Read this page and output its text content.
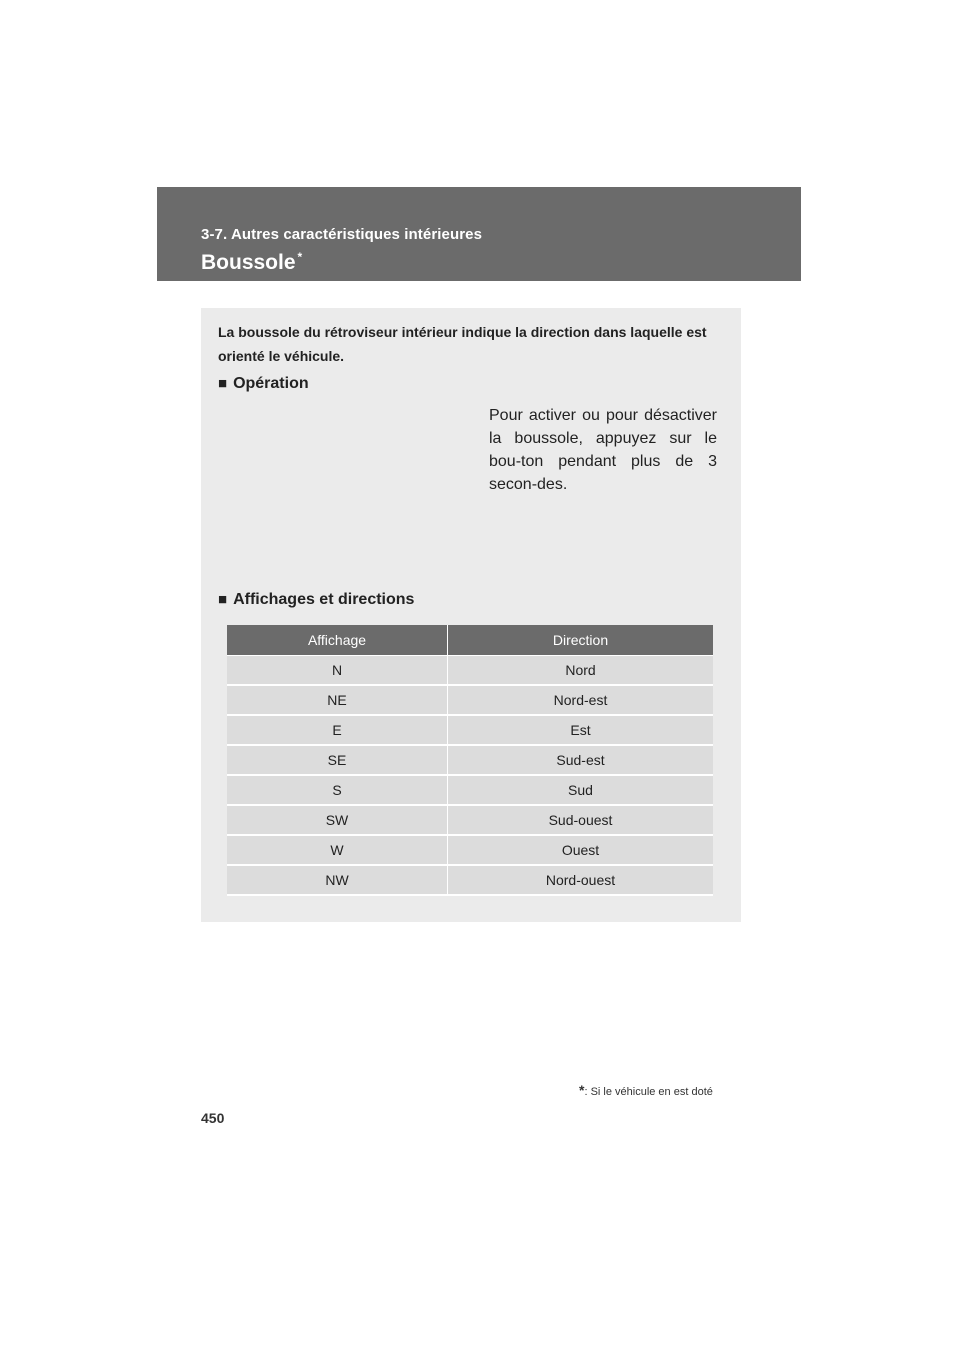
3-7. Autres caractéristiques intérieures
Boussole *
La boussole du rétroviseur intérieur indique la direction dans laquelle est orienté le véhicule.
■ Opération
Pour activer ou pour désactiver la boussole, appuyez sur le bou-ton pendant plus de 3 secon-des.
■ Affichages et directions
Affichage	Direction
N	Nord
NE	Nord-est
E	Est
SE	Sud-est
S	Sud
SW	Sud-ouest
W	Ouest
NW	Nord-ouest
*: Si le véhicule en est doté
450
